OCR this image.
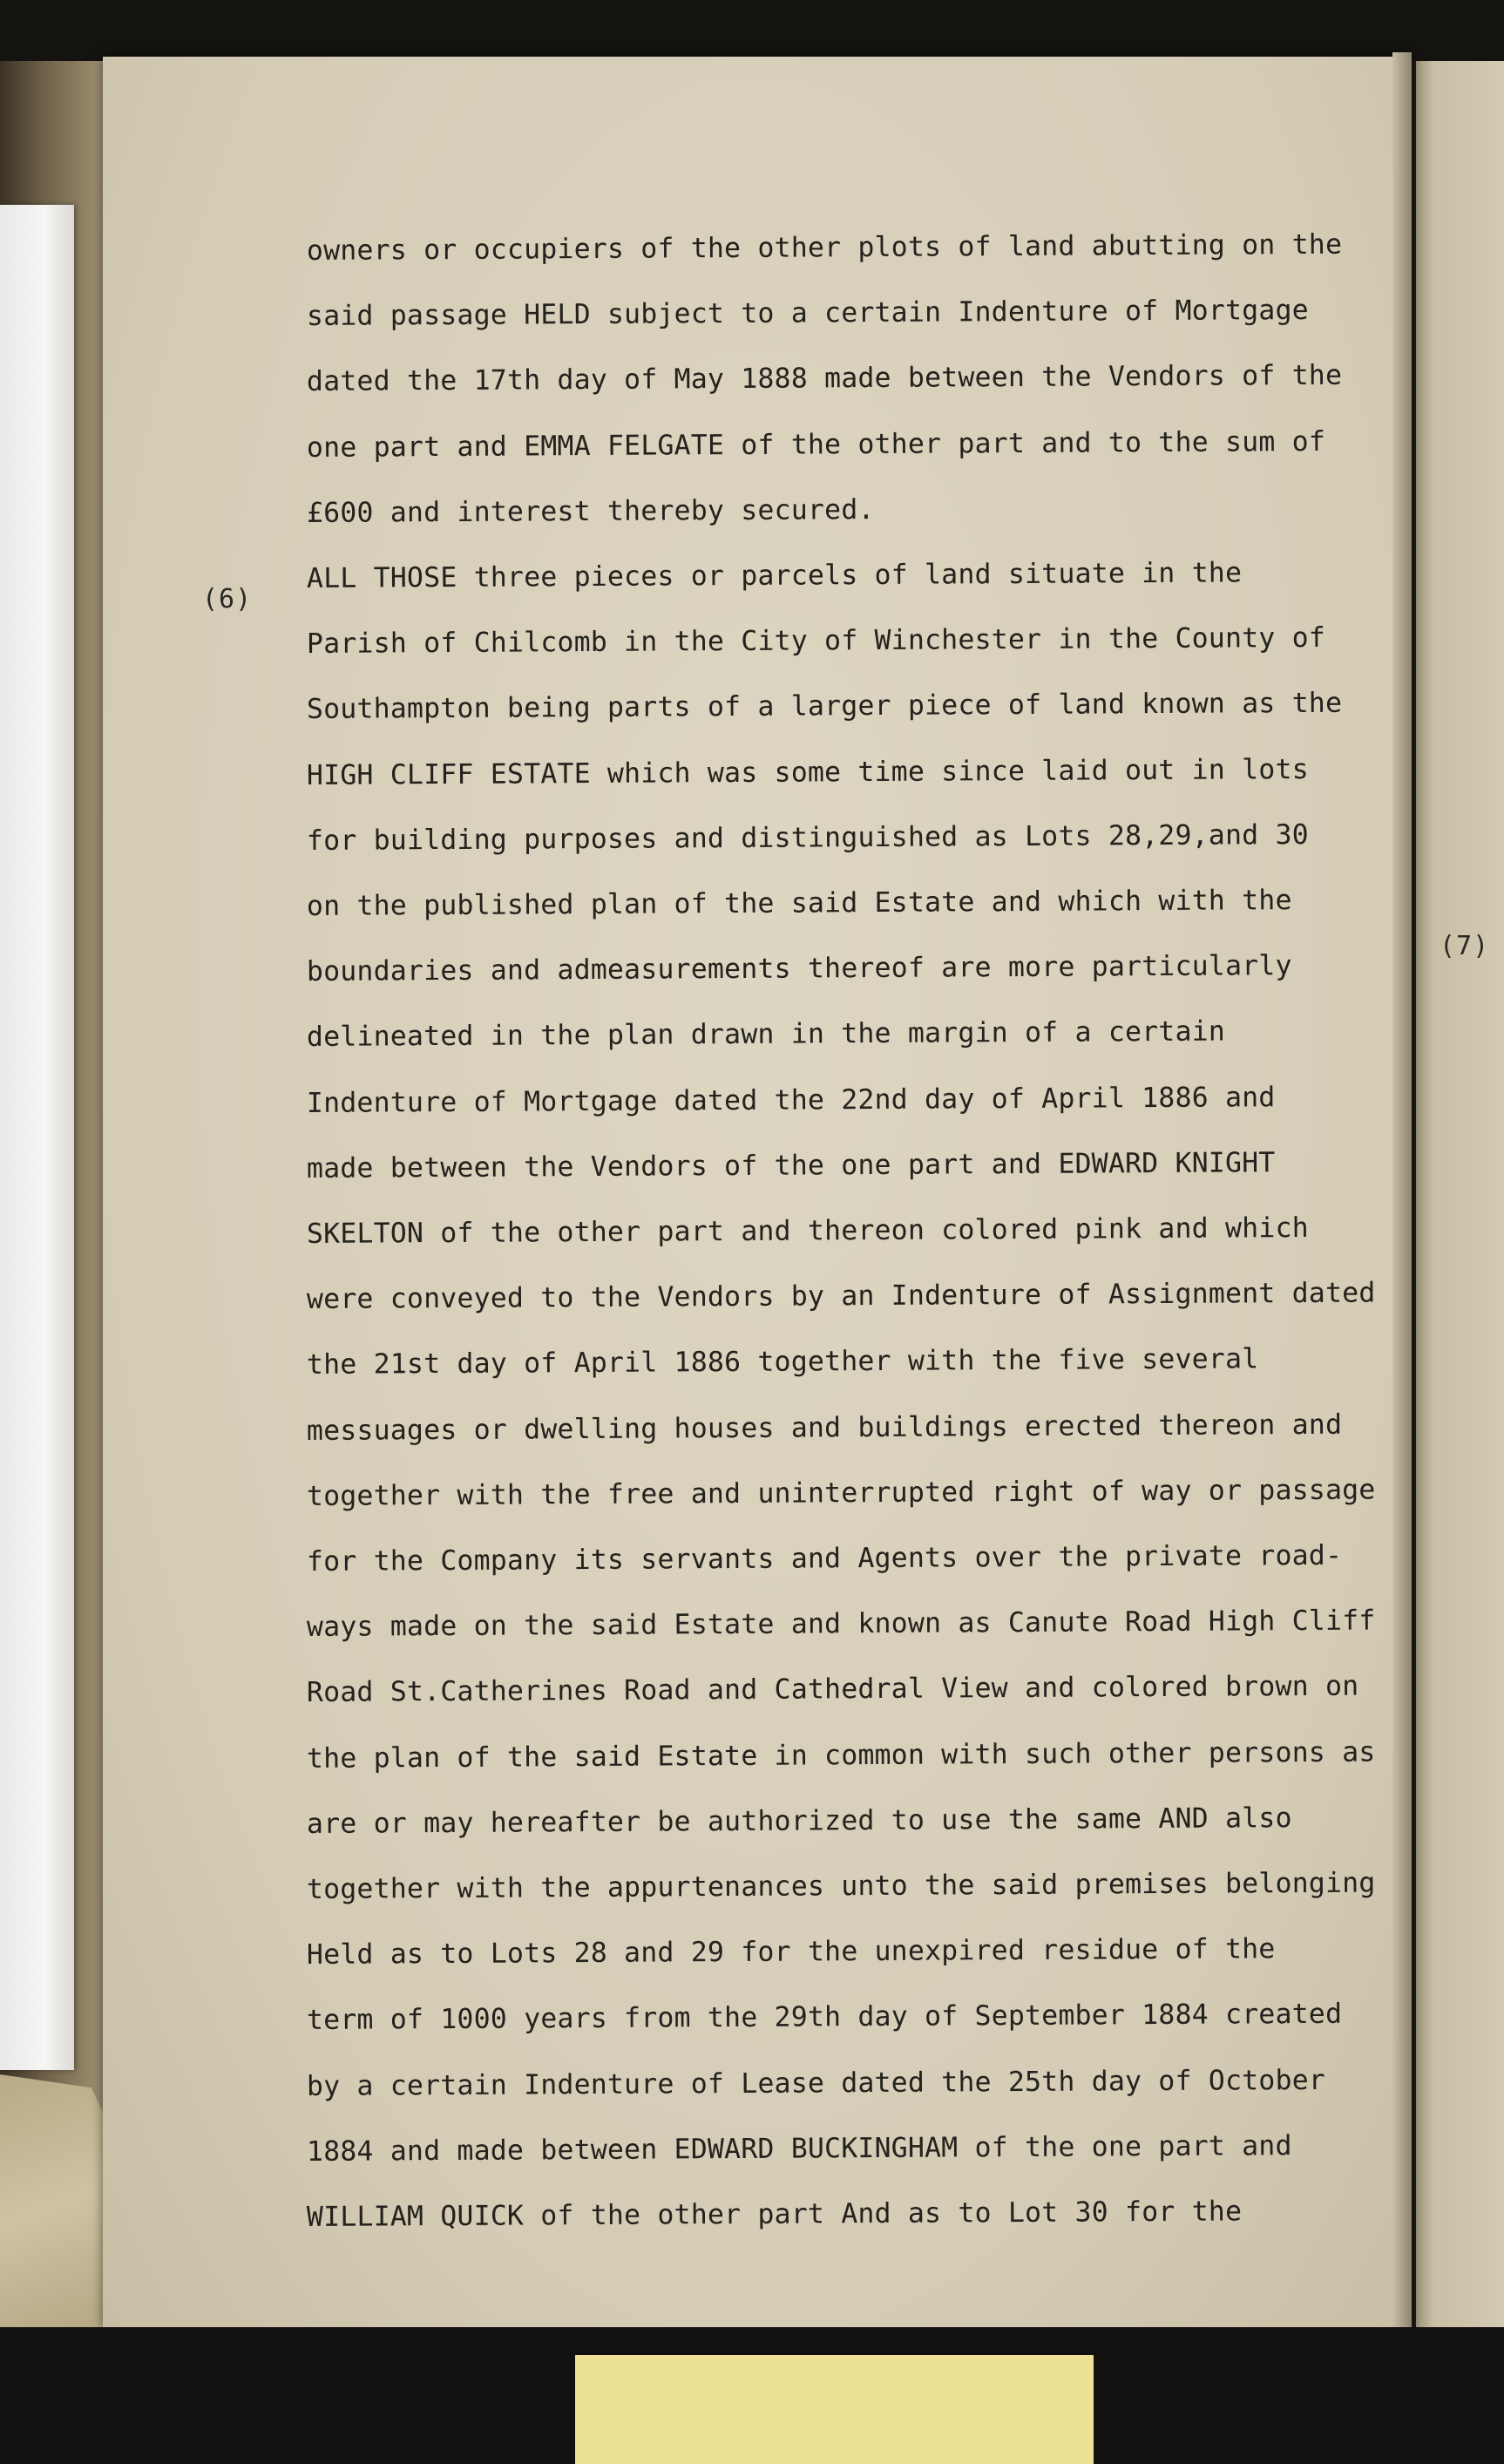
(6)
(7)
owners or occupiers of the other plots of land abutting on the
said passage HELD subject to a certain Indenture of Mortgage
dated the 17th day of May 1888 made between the Vendors of the
one part and EMMA FELGATE of the other part and to the sum of
£600 and interest thereby secured.
ALL THOSE three pieces or parcels of land situate in the
Parish of Chilcomb in the City of Winchester in the County of
Southampton being parts of a larger piece of land known as the
HIGH CLIFF ESTATE which was some time since laid out in lots
for building purposes and distinguished as Lots 28,29,and 30
on the published plan of the said Estate and which with the
boundaries and admeasurements thereof are more particularly
delineated in the plan drawn in the margin of a certain
Indenture of Mortgage dated the 22nd day of April 1886 and
made between the Vendors of the one part and EDWARD KNIGHT
SKELTON of the other part and thereon colored pink and which
were conveyed to the Vendors by an Indenture of Assignment dated
the 21st day of April 1886 together with the five several
messuages or dwelling houses and buildings erected thereon and
together with the free and uninterrupted right of way or passage
for the Company its servants and Agents over the private road-
ways made on the said Estate and known as Canute Road High Cliff
Road St.Catherines Road and Cathedral View and colored brown on
the plan of the said Estate in common with such other persons as
are or may hereafter be authorized to use the same AND also
together with the appurtenances unto the said premises belonging
Held as to Lots 28 and 29 for the unexpired residue of the
term of 1000 years from the 29th day of September 1884 created
by a certain Indenture of Lease dated the 25th day of October
1884 and made between EDWARD BUCKINGHAM of the one part and
WILLIAM QUICK of the other part And as to Lot 30 for the
